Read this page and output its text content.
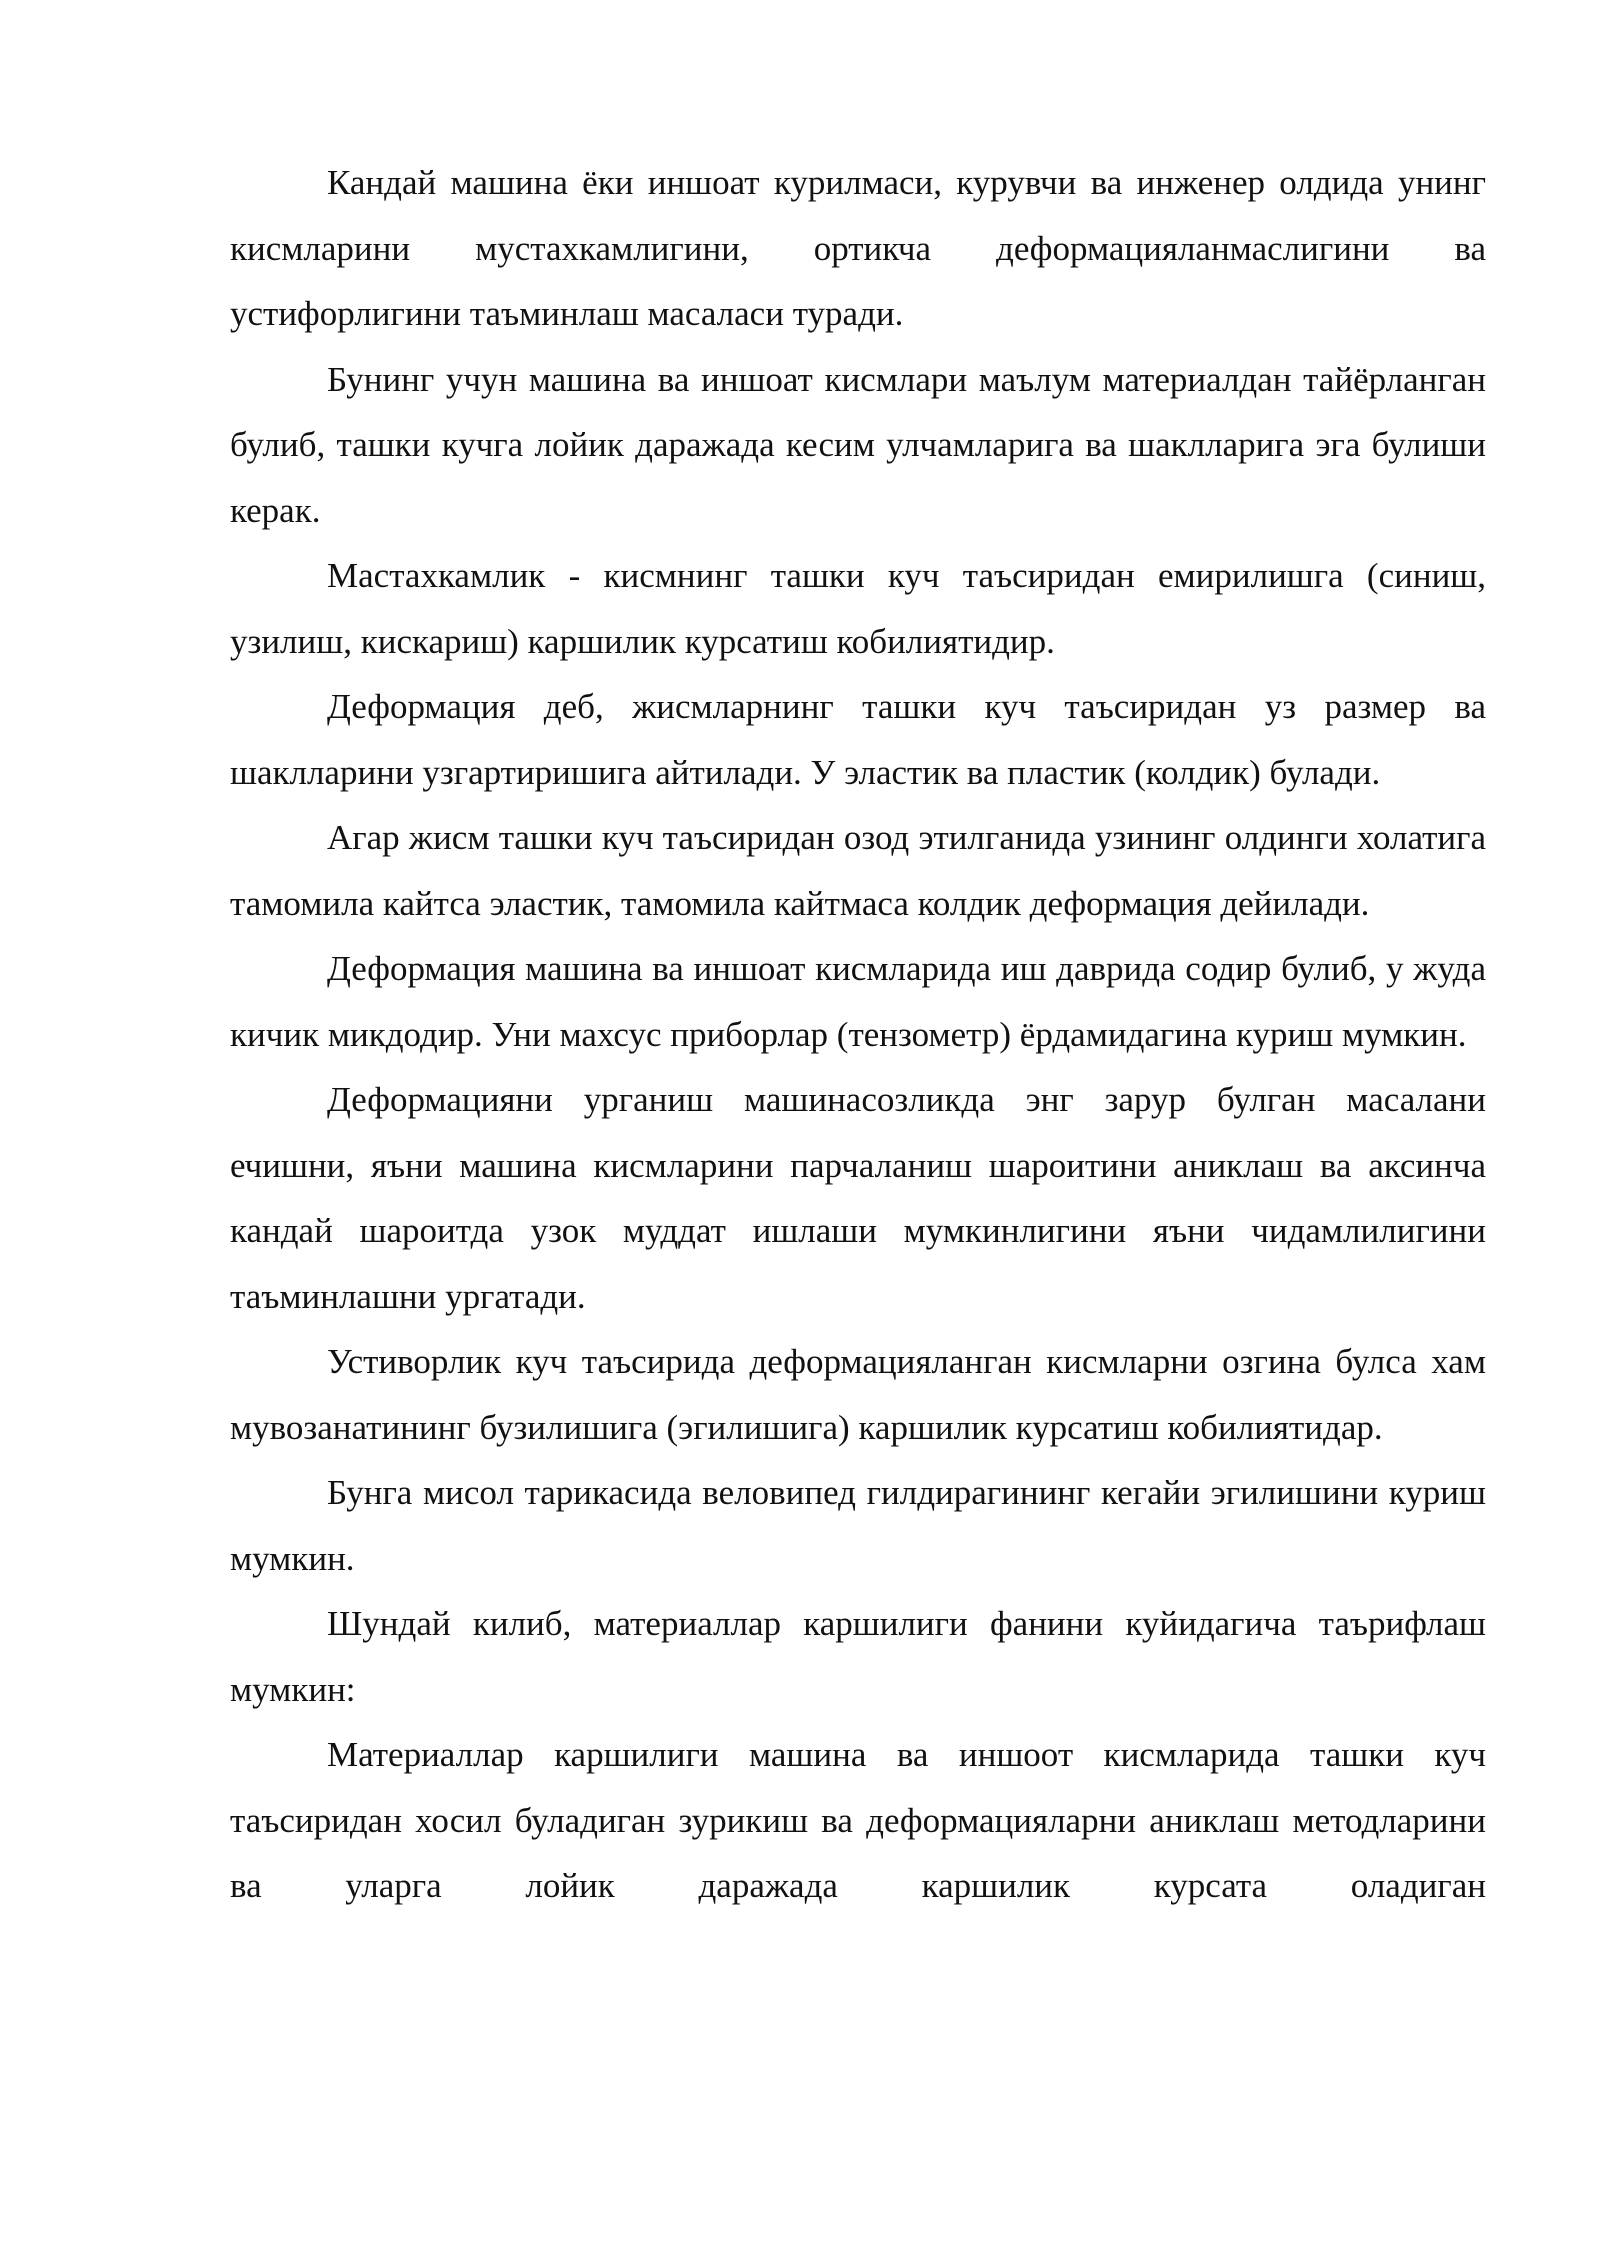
Кандай машина ёки иншоат курилмаси, курувчи ва инженер олдида унинг кисмларини мустахкамлигини, ортикча деформацияланмаслигини ва устифорлигини таъминлаш масаласи туради.

Бунинг учун машина ва иншоат кисмлари маълум материалдан тайёрланган булиб, ташки кучга лойик даражада кесим улчамларига ва шаклларига эга булиши керак.

Мастахкамлик - кисмнинг ташки куч таъсиридан емирилишга (синиш, узилиш, кискариш) каршилик курсатиш кобилиятидир.

Деформация деб, жисмларнинг ташки куч таъсиридан уз размер ва шаклларини узгартиришига айтилади. У эластик ва пластик (колдик) булади.

Агар жисм ташки куч таъсиридан озод этилганида узининг олдинги холатига тамомила кайтса эластик, тамомила кайтмаса колдик деформация дейилади.

Деформация машина ва иншоат кисмларида иш даврида содир булиб, у жуда кичик микдодир. Уни махсус приборлар (тензометр) ёрдамидагина куриш мумкин.

Деформацияни урганиш машинасозликда энг зарур булган масалани ечишни, яъни машина кисмларини парчаланиш шароитини аниклаш ва аксинча кандай шароитда узок муддат ишлаши мумкинлигини яъни чидамлилигини таъминлашни ургатади.

Устиворлик куч таъсирида деформацияланган кисмларни озгина булса хам мувозанатининг бузилишига (эгилишига) каршилик курсатиш кобилиятидар.

Бунга мисол тарикасида веловипед гилдирагининг кегайи эгилишини куриш мумкин.

Шундай килиб, материаллар каршилиги фанини куйидагича таърифлаш мумкин:

Материаллар каршилиги машина ва иншоот кисмларида ташки куч таъсиридан хосил буладиган зурикиш ва деформацияларни аниклаш методларини ва уларга лойик даражада каршилик курсата оладиган
